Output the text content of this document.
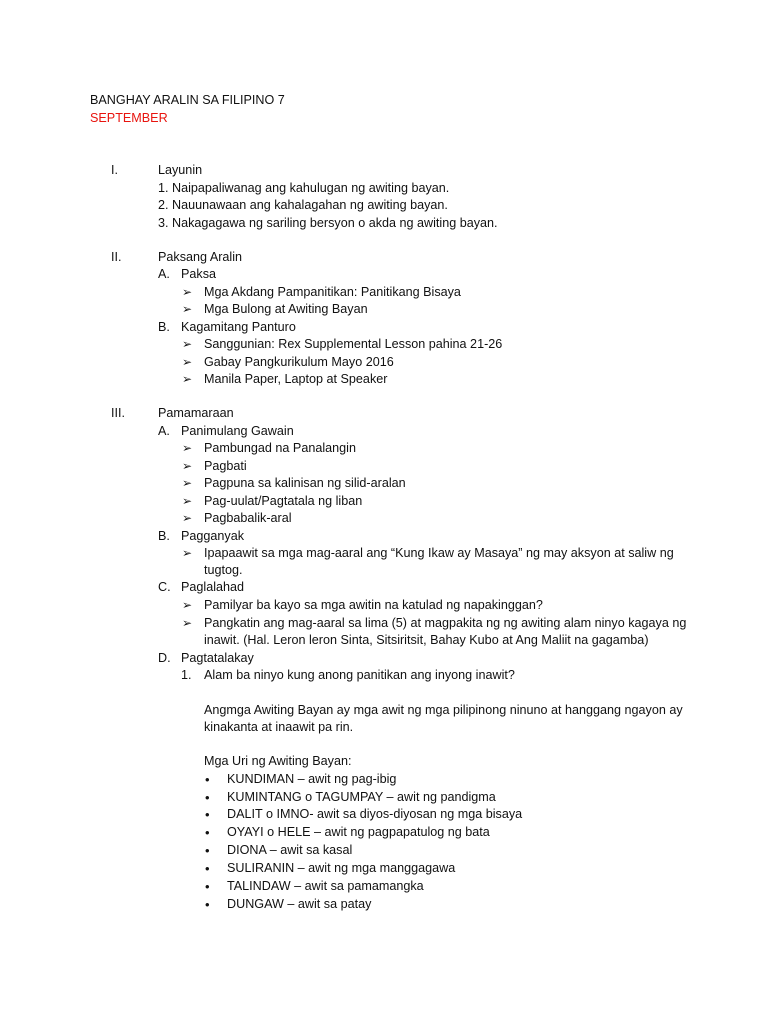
BANGHAY ARALIN SA FILIPINO 7
SEPTEMBER
I.	Layunin
1. Naipapaliwanag ang kahulugan ng awiting bayan.
2. Nauunawaan ang kahalagahan ng awiting bayan.
3. Nakagagawa ng sariling bersyon o akda ng awiting bayan.
II.	Paksang Aralin
A. Paksa
➢ Mga Akdang Pampanitikan: Panitikang Bisaya
➢ Mga Bulong at Awiting Bayan
B. Kagamitang Panturo
➢ Sanggunian: Rex Supplemental Lesson pahina 21-26
➢ Gabay Pangkurikulum Mayo 2016
➢ Manila Paper, Laptop at Speaker
III.	Pamamaraan
A. Panimulang Gawain
➢ Pambungad na Panalangin
➢ Pagbati
➢ Pagpuna sa kalinisan ng silid-aralan
➢ Pag-uulat/Pagtatala ng liban
➢ Pagbabalik-aral
B. Pagganyak
➢ Ipapaawit sa mga mag-aaral ang “Kung Ikaw ay Masaya” ng may aksyon at saliw ng
tugtog.
C. Paglalahad
➢ Pamilyar ba kayo sa mga awitin na katulad ng napakinggan?
➢ Pangkatin ang mag-aaral sa lima (5) at magpakita ng ng awiting alam ninyo kagaya ng
inawit. (Hal. Leron leron Sinta, Sitsiritsit, Bahay Kubo at Ang Maliit na gagamba)
D. Pagtatalakay
1. Alam ba ninyo kung anong panitikan ang inyong inawit?
Angmga Awiting Bayan ay mga awit ng mga pilipinong ninuno at hanggang ngayon ay
kinakanta at inaawit pa rin.
Mga Uri ng Awiting Bayan:
• KUNDIMAN – awit ng pag-ibig
• KUMINTANG o TAGUMPAY – awit ng pandigma
• DALIT o IMNO- awit sa diyos-diyosan ng mga bisaya
• OYAYI o HELE – awit ng pagpapatulog ng bata
• DIONA – awit sa kasal
• SULIRANIN – awit ng mga manggagawa
• TALINDAW – awit sa pamamangka
• DUNGAW – awit sa patay
